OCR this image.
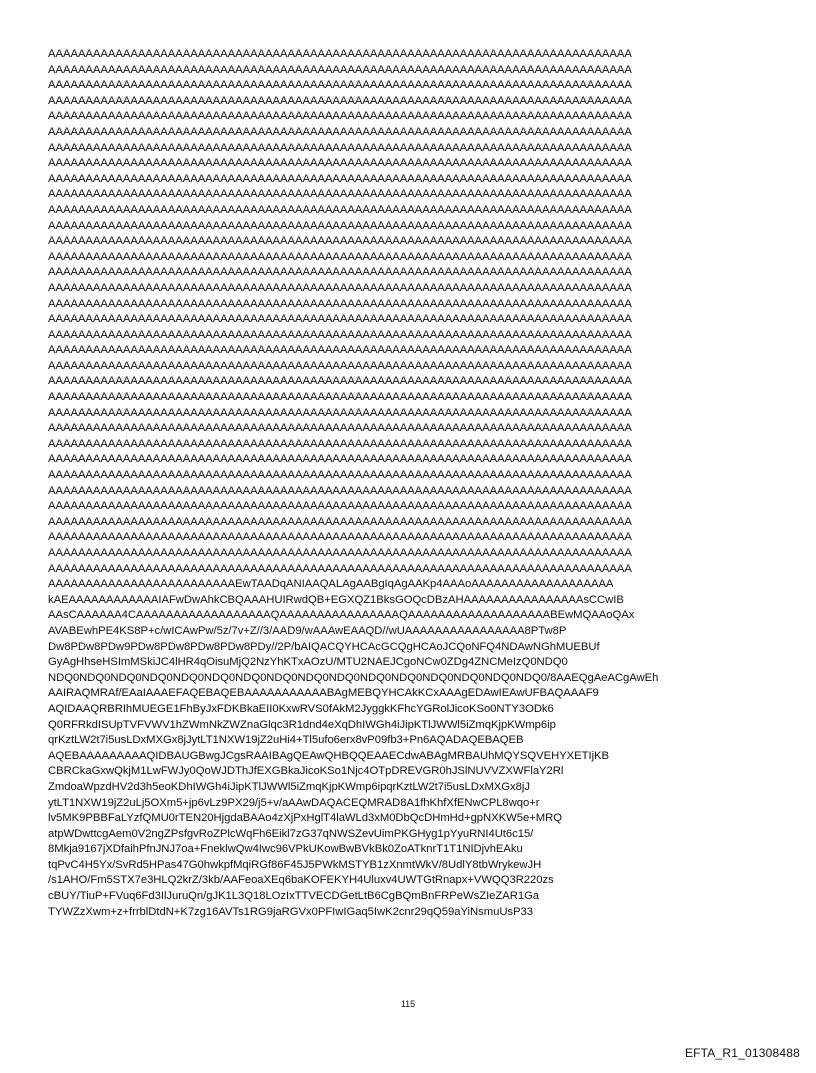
AAAAAAAAAAAAAAAAAAAAAAAAAAAAAAAAAAAAAAAAAAAAAAAAAAAAAAAAAAAAAAAAAAAAAAAAAAAAAA
AAAAAAAAAAAAAAAAAAAAAAAAAAAAAAAAAAAAAAAAAAAAAAAAAAAAAAAAAAAAAAAAAAAAAAAAAAAAAA
AAAAAAAAAAAAAAAAAAAAAAAAAAAAAAAAAAAAAAAAAAAAAAAAAAAAAAAAAAAAAAAAAAAAAAAAAAAAAA
AAAAAAAAAAAAAAAAAAAAAAAAAAAAAAAAAAAAAAAAAAAAAAAAAAAAAAAAAAAAAAAAAAAAAAAAAAAAAA
AAAAAAAAAAAAAAAAAAAAAAAAAAAAAAAAAAAAAAAAAAAAAAAAAAAAAAAAAAAAAAAAAAAAAAAAAAAAAA
AAAAAAAAAAAAAAAAAAAAAAAAAAAAAAAAAAAAAAAAAAAAAAAAAAAAAAAAAAAAAAAAAAAAAAAAAAAAAA
AAAAAAAAAAAAAAAAAAAAAAAAAAAAAAAAAAAAAAAAAAAAAAAAAAAAAAAAAAAAAAAAAAAAAAAAAAAAAA
AAAAAAAAAAAAAAAAAAAAAAAAAAAAAAAAAAAAAAAAAAAAAAAAAAAAAAAAAAAAAAAAAAAAAAAAAAAAAA
AAAAAAAAAAAAAAAAAAAAAAAAAAAAAAAAAAAAAAAAAAAAAAAAAAAAAAAAAAAAAAAAAAAAAAAAAAAAAA
AAAAAAAAAAAAAAAAAAAAAAAAAAAAAAAAAAAAAAAAAAAAAAAAAAAAAAAAAAAAAAAAAAAAAAAAAAAAAA
AAAAAAAAAAAAAAAAAAAAAAAAAAAAAAAAAAAAAAAAAAAAAAAAAAAAAAAAAAAAAAAAAAAAAAAAAAAAAA
AAAAAAAAAAAAAAAAAAAAAAAAAAAAAAAAAAAAAAAAAAAAAAAAAAAAAAAAAAAAAAAAAAAAAAAAAAAAAA
AAAAAAAAAAAAAAAAAAAAAAAAAAAAAAAAAAAAAAAAAAAAAAAAAAAAAAAAAAAAAAAAAAAAAAAAAAAAAA
AAAAAAAAAAAAAAAAAAAAAAAAAAAAAAAAAAAAAAAAAAAAAAAAAAAAAAAAAAAAAAAAAAAAAAAAAAAAAA
AAAAAAAAAAAAAAAAAAAAAAAAAAAAAAAAAAAAAAAAAAAAAAAAAAAAAAAAAAAAAAAAAAAAAAAAAAAAAA
AAAAAAAAAAAAAAAAAAAAAAAAAAAAAAAAAAAAAAAAAAAAAAAAAAAAAAAAAAAAAAAAAAAAAAAAAAAAAA
AAAAAAAAAAAAAAAAAAAAAAAAAAAAAAAAAAAAAAAAAAAAAAAAAAAAAAAAAAAAAAAAAAAAAAAAAAAAAA
AAAAAAAAAAAAAAAAAAAAAAAAAAAAAAAAAAAAAAAAAAAAAAAAAAAAAAAAAAAAAAAAAAAAAAAAAAAAAA
AAAAAAAAAAAAAAAAAAAAAAAAAAAAAAAAAAAAAAAAAAAAAAAAAAAAAAAAAAAAAAAAAAAAAAAAAAAAAA
AAAAAAAAAAAAAAAAAAAAAAAAAAAAAAAAAAAAAAAAAAAAAAAAAAAAAAAAAAAAAAAAAAAAAAAAAAAAAA
AAAAAAAAAAAAAAAAAAAAAAAAAAAAAAAAAAAAAAAAAAAAAAAAAAAAAAAAAAAAAAAAAAAAAAAAAAAAAA
AAAAAAAAAAAAAAAAAAAAAAAAAAAAAAAAAAAAAAAAAAAAAAAAAAAAAAAAAAAAAAAAAAAAAAAAAAAAAA
AAAAAAAAAAAAAAAAAAAAAAAAAAAAAAAAAAAAAAAAAAAAAAAAAAAAAAAAAAAAAAAAAAAAAAAAAAAAAA
AAAAAAAAAAAAAAAAAAAAAAAAAAAAAAAAAAAAAAAAAAAAAAAAAAAAAAAAAAAAAAAAAAAAAAAAAAAAAA
AAAAAAAAAAAAAAAAAAAAAAAAAAAAAAAAAAAAAAAAAAAAAAAAAAAAAAAAAAAAAAAAAAAAAAAAAAAAAA
AAAAAAAAAAAAAAAAAAAAAAAAAAAAAAAAAAAAAAAAAAAAAAAAAAAAAAAAAAAAAAAAAAAAAAAAAAAAAA
AAAAAAAAAAAAAAAAAAAAAAAAAAAAAAAAAAAAAAAAAAAAAAAAAAAAAAAAAAAAAAAAAAAAAAAAAAAAAA
AAAAAAAAAAAAAAAAAAAAAAAAAAAAAAAAAAAAAAAAAAAAAAAAAAAAAAAAAAAAAAAAAAAAAAAAAAAAAA
AAAAAAAAAAAAAAAAAAAAAAAAAAAAAAAAAAAAAAAAAAAAAAAAAAAAAAAAAAAAAAAAAAAAAAAAAAAAAA
AAAAAAAAAAAAAAAAAAAAAAAAAAAAAAAAAAAAAAAAAAAAAAAAAAAAAAAAAAAAAAAAAAAAAAAAAAAAAA
AAAAAAAAAAAAAAAAAAAAAAAAAAAAAAAAAAAAAAAAAAAAAAAAAAAAAAAAAAAAAAAAAAAAAAAAAAAAAA
AAAAAAAAAAAAAAAAAAAAAAAAAAAAAAAAAAAAAAAAAAAAAAAAAAAAAAAAAAAAAAAAAAAAAAAAAAAAAA
AAAAAAAAAAAAAAAAAAAAAAAAAAAAAAAAAAAAAAAAAAAAAAAAAAAAAAAAAAAAAAAAAAAAAAAAAAAAAA
AAAAAAAAAAAAAAAAAAAAAAAAAAAAAAAAAAAAAAAAAAAAAAAAAAAAAAAAAAAAAAAAAAAAAAAAAAAAAA
AAAAAAAAAAAAAAAAAAAAAAAAAEwTAADqANIAAQALAgAABgIqAgAAKp4AAAoAAAAAAAAAAAAAAAAAAA
kAEAAAAAAAAAAAAIAFwDwAhkCBQAAAHUIRwdQB+EGXQZ1BksGOQcDBzAHAAAAAAAAAAAAAAAAsCCwIB
AAsCAAAAAA4CAAAAAAAAAAAAAAAAAAQAAAAAAAAAAAAAAAAQAAAAAAAAAAAAAAAAAAABEwMQAAoQAx
AVABEwhPE4KS8P+c/wICAwPw/5z/7v+Z//3/AAD9/wAAAwEAAQD//wUAAAAAAAAAAAAAAAA8PTw8P
Dw8PDw8PDw9PDw8PDw8PDw8PDw8PDy//2P/bAIQACQYHCAcGCQgHCAoJCQoNFQ4NDAwNGhMUEBUf
GyAgHhseHSImMSkiJC4lHR4qOisuMjQ2NzYhKTxAOzU/MTU2NAEJCgoNCw0ZDg4ZNCMeIzQ0NDQ0
NDQ0NDQ0NDQ0NDQ0NDQ0NDQ0NDQ0NDQ0NDQ0NDQ0NDQ0NDQ0NDQ0NDQ0NDQ0NDQ0/8AAEQgAeACgAwEh
AAIRAQMRAf/EAaIAAAEFAQEBAQEBAAAAAAAAAAABAgMEBQYHCAkKCxAAAgEDAwIEAwUFBAQAAAF9
AQIDAAQRBRIhMUEGE1FhByJxFDKBkaEII0KxwRVS0fAkM2JyggkKFhcYGRolJicoKSo0NTY3ODk6
Q0RFRkdISUpTVFVWV1hZWmNkZWZnaGlqc3R1dnd4eXqDhIWGh4iJipKTlJWWl5iZmqKjpKWmp6ip
qrKztLW2t7i5usLDxMXGx8jJytLT1NXW19jZ2uHi4+Tl5ufo6erx8vP09fb3+Pn6AQADAQEBAQEB
AQEBAAAAAAAAAQIDBAUGBwgJCgsRAAIBAgQEAwQHBQQEAAECdwABAgMRBAUhMQYSQVEHYXETIjKB
CBRCkaGxwQkjM1LwFWJy0QoWJDThJfEXGBkaJicoKSo1Njc4OTpDREVGR0hJSlNUVVZXWFlaY2Rl
ZmdoaWpzdHV2d3h5eoKDhIWGh4iJipKTlJWWl5iZmqKjpKWmp6ipqrKztLW2t7i5usLDxMXGx8jJ
ytLT1NXW19jZ2uLj5OXm5+jp6vLz9PX29/j5+v/aAAwDAQACEQMRAD8A1fhKhfXfENwCPL8wqo+r
lv5MK9PBBFaLYzfQMU0rTEN20HjgdaBAAo4zXjPxHglT4laWLd3xM0DbQcDHmHd+gpNXKW5e+MRQ
atpWDwttcgAem0V2ngZPsfgvRoZPlcWqFh6Eikl7zG37qNWSZevUimPKGHyg1pYyuRNI4Ut6c15/
8Mkja9167jXDfaihPfnJNJ7oa+FneklwQw4Iwc96VPkUKowBwBVkBk0ZoATknrT1T1NIDjvhEAku
tqPvC4H5Yx/SvRd5HPas47G0hwkpfMqiRGf86F45J5PWkMSTYB1zXnmtWkV/8UdlY8tbWrykewJH
/s1AHO/Fm5STX7e3HLQ2krZ/3kb/AAFeoaXEq6baKOFEKYH4Uluxv4UWTGtRnapx+VWQQ3R220zs
cBUY/TiuP+FVuq6Fd3IlJuruQn/gJK1L3Q18LOzIxTTVECDGetLtB6CgBQmBnFRPeWsZIeZAR1Ga
TYWZzXwm+z+frrblDtdN+K7zg16AVTs1RG9jaRGVx0PFIwIGaq5IwK2cnr29qQ59aYiNsmuUsP33
115
EFTA_R1_01308488
